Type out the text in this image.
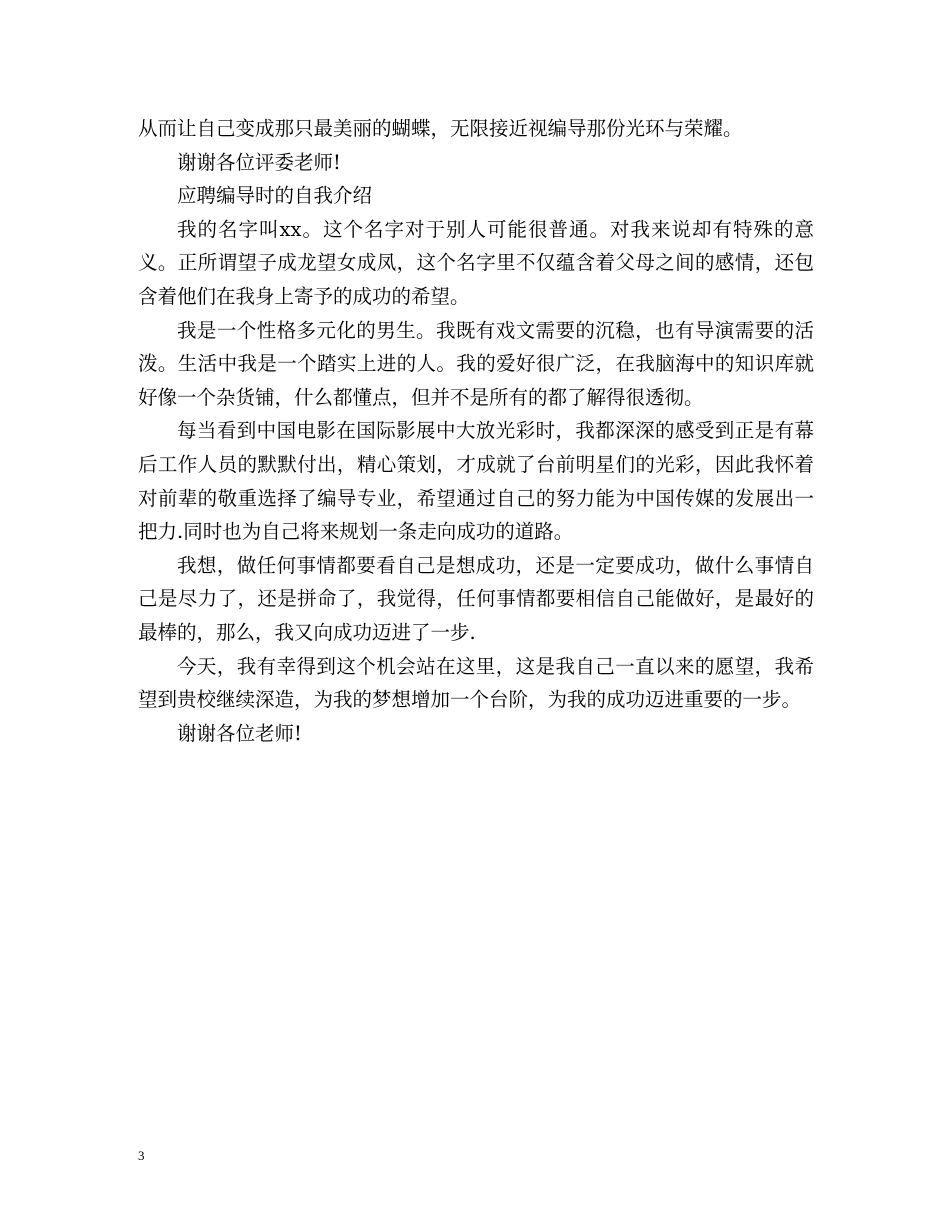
从而让自己变成那只最美丽的蝴蝶，无限接近视编导那份光环与荣耀。

谢谢各位评委老师!

应聘编导时的自我介绍

我的名字叫xx。这个名字对于别人可能很普通。对我来说却有特殊的意义。正所谓望子成龙望女成凤，这个名字里不仅蕴含着父母之间的感情，还包含着他们在我身上寄予的成功的希望。

我是一个性格多元化的男生。我既有戏文需要的沉稳，也有导演需要的活泼。生活中我是一个踏实上进的人。我的爱好很广泛，在我脑海中的知识库就好像一个杂货铺，什么都懂点，但并不是所有的都了解得很透彻。

每当看到中国电影在国际影展中大放光彩时，我都深深的感受到正是有幕后工作人员的默默付出，精心策划，才成就了台前明星们的光彩，因此我怀着对前辈的敬重选择了编导专业，希望通过自己的努力能为中国传媒的发展出一把力.同时也为自己将来规划一条走向成功的道路。

我想，做任何事情都要看自己是想成功，还是一定要成功，做什么事情自己是尽力了，还是拼命了，我觉得，任何事情都要相信自己能做好，是最好的最棒的，那么，我又向成功迈进了一步.

今天，我有幸得到这个机会站在这里，这是我自己一直以来的愿望，我希望到贵校继续深造，为我的梦想增加一个台阶，为我的成功迈进重要的一步。

谢谢各位老师!

3
